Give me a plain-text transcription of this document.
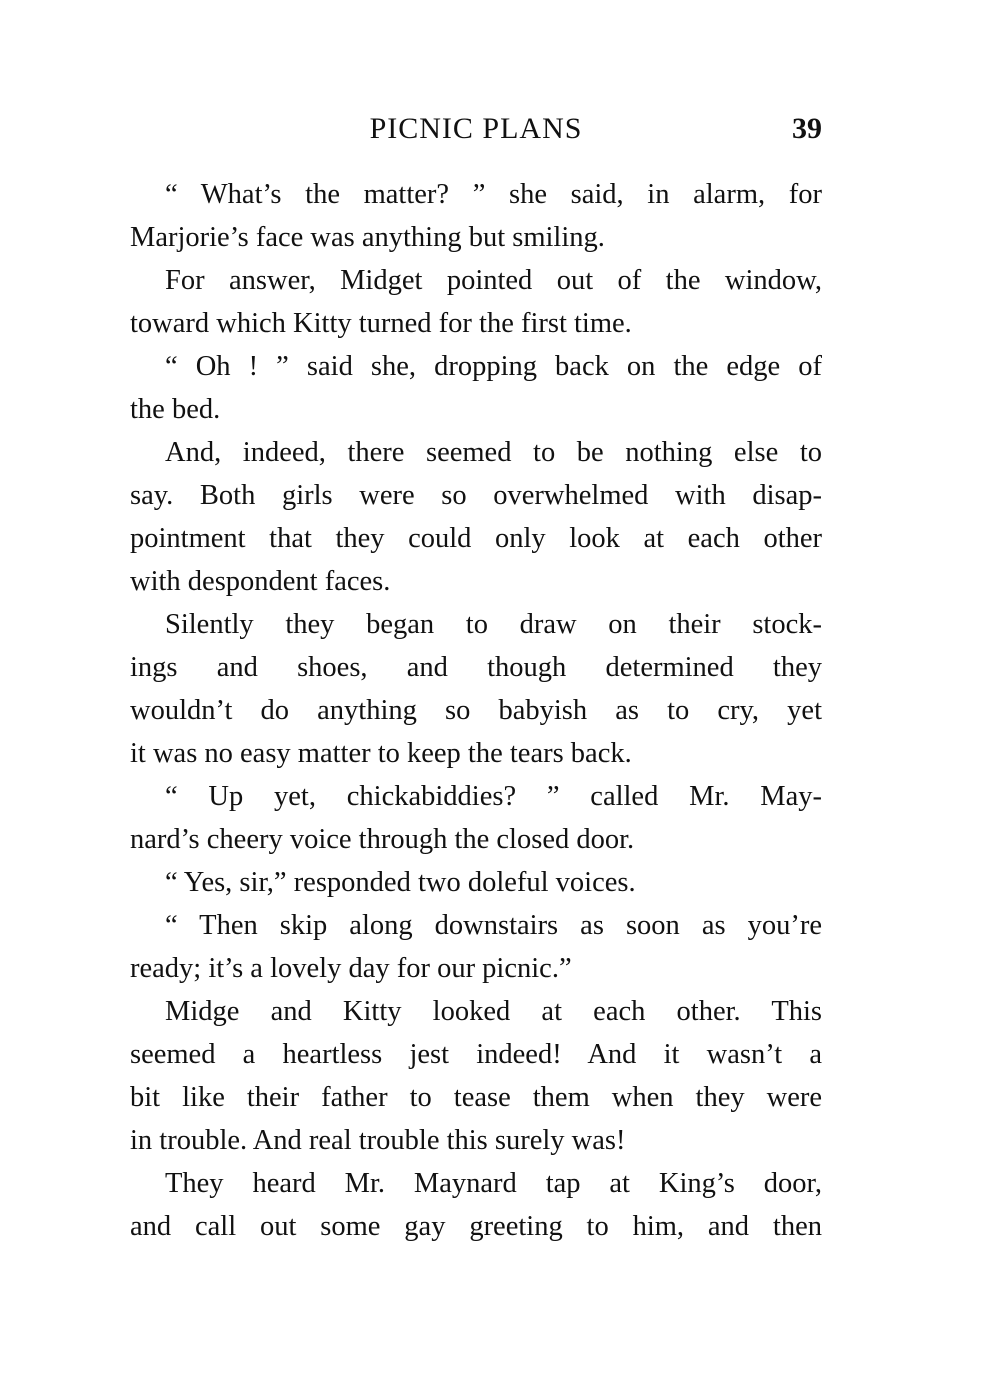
PICNIC PLANS	39
“ What’s the matter? ” she said, in alarm, for
Marjorie’s face was anything but smiling.
For answer, Midget pointed out of the window,
toward which Kitty turned for the first time.
“ Oh ! ” said she, dropping back on the edge of
the bed.
And, indeed, there seemed to be nothing else to
say. Both girls were so overwhelmed with disap-
pointment that they could only look at each other
with despondent faces.
Silently they began to draw on their stock-
ings and shoes, and though determined they
wouldn’t do anything so babyish as to cry, yet
it was no easy matter to keep the tears back.
“ Up yet, chickabiddies? ” called Mr. May-
nard’s cheery voice through the closed door.
“ Yes, sir,” responded two doleful voices.
“ Then skip along downstairs as soon as you’re
ready; it’s a lovely day for our picnic.”
Midge and Kitty looked at each other. This
seemed a heartless jest indeed! And it wasn’t a
bit like their father to tease them when they were
in trouble. And real trouble this surely was!
They heard Mr. Maynard tap at King’s door,
and call out some gay greeting to him, and then
